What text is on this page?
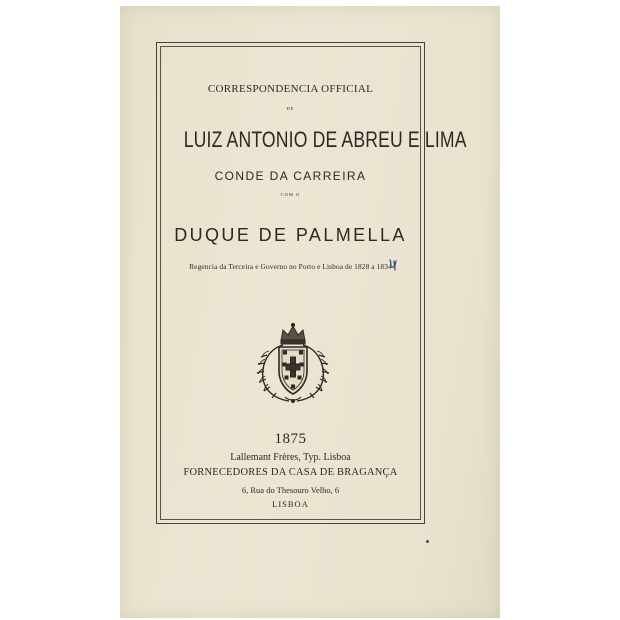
CORRESPONDENCIA OFFICIAL
DE
LUIZ ANTONIO DE ABREU E LIMA
CONDE DA CARREIRA
COM O
DUQUE DE PALMELLA
Regencia da Terceira e Governo no Porto e Lisboa de 1828 a 1834
1875
Lallemant Frères, Typ. Lisboa
FORNECEDORES DA CASA DE BRAGANÇA
6, Rua do Thesouro Velho, 6
LISBOA
